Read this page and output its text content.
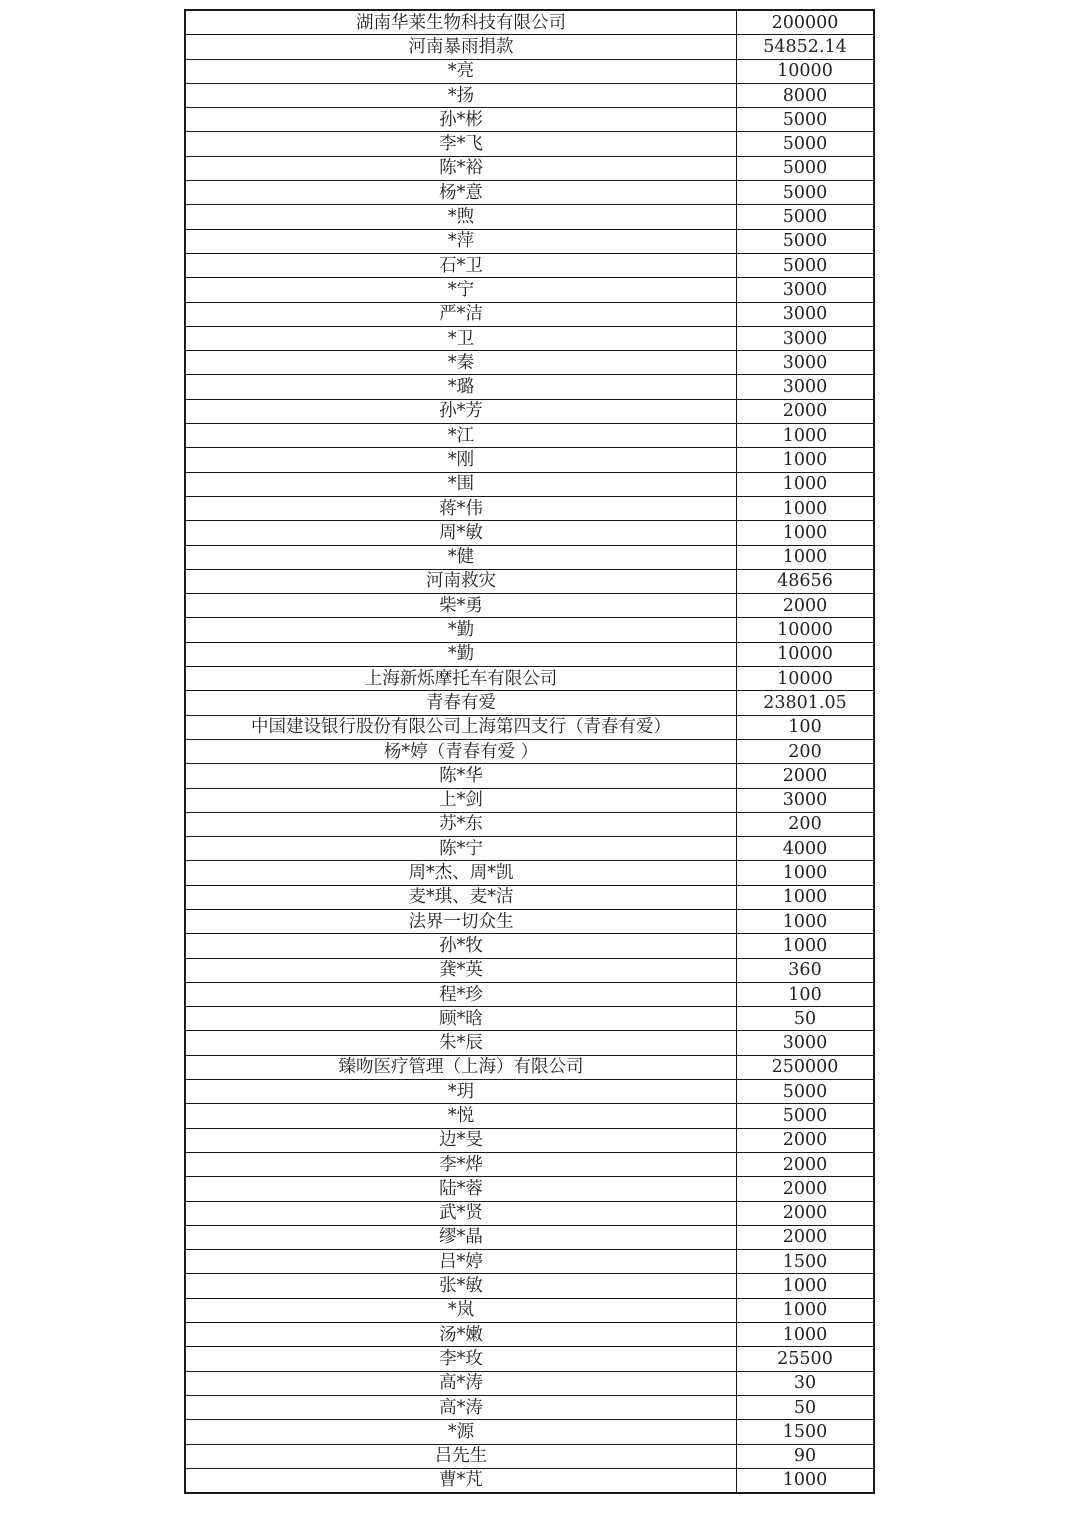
湖南华莱生物科技有限公司	200000
河南暴雨捐款	54852.14
*亮	10000
*扬	8000
孙*彬	5000
李*飞	5000
陈*裕	5000
杨*意	5000
*煦	5000
*萍	5000
石*卫	5000
*宁	3000
严*洁	3000
*卫	3000
*秦	3000
*璐	3000
孙*芳	2000
*江	1000
*刚	1000
*围	1000
蒋*伟	1000
周*敏	1000
*健	1000
河南救灾	48656
柴*勇	2000
*勤	10000
*勤	10000
上海新烁摩托车有限公司	10000
青春有爱	23801.05
中国建设银行股份有限公司上海第四支行（青春有爱）	100
杨*婷（青春有爱 ）	200
陈*华	2000
上*剑	3000
苏*东	200
陈*宁	4000
周*杰、周*凯	1000
麦*琪、麦*洁	1000
法界一切众生	1000
孙*牧	1000
龚*英	360
程*珍	100
顾*晗	50
朱*辰	3000
臻吻医疗管理（上海）有限公司	250000
*玥	5000
*悦	5000
边*旻	2000
李*烨	2000
陆*蓉	2000
武*贤	2000
缪*晶	2000
吕*婷	1500
张*敏	1000
*岚	1000
汤*嫩	1000
李*玫	25500
高*涛	30
高*涛	50
*源	1500
吕先生	90
曹*芃	1000
